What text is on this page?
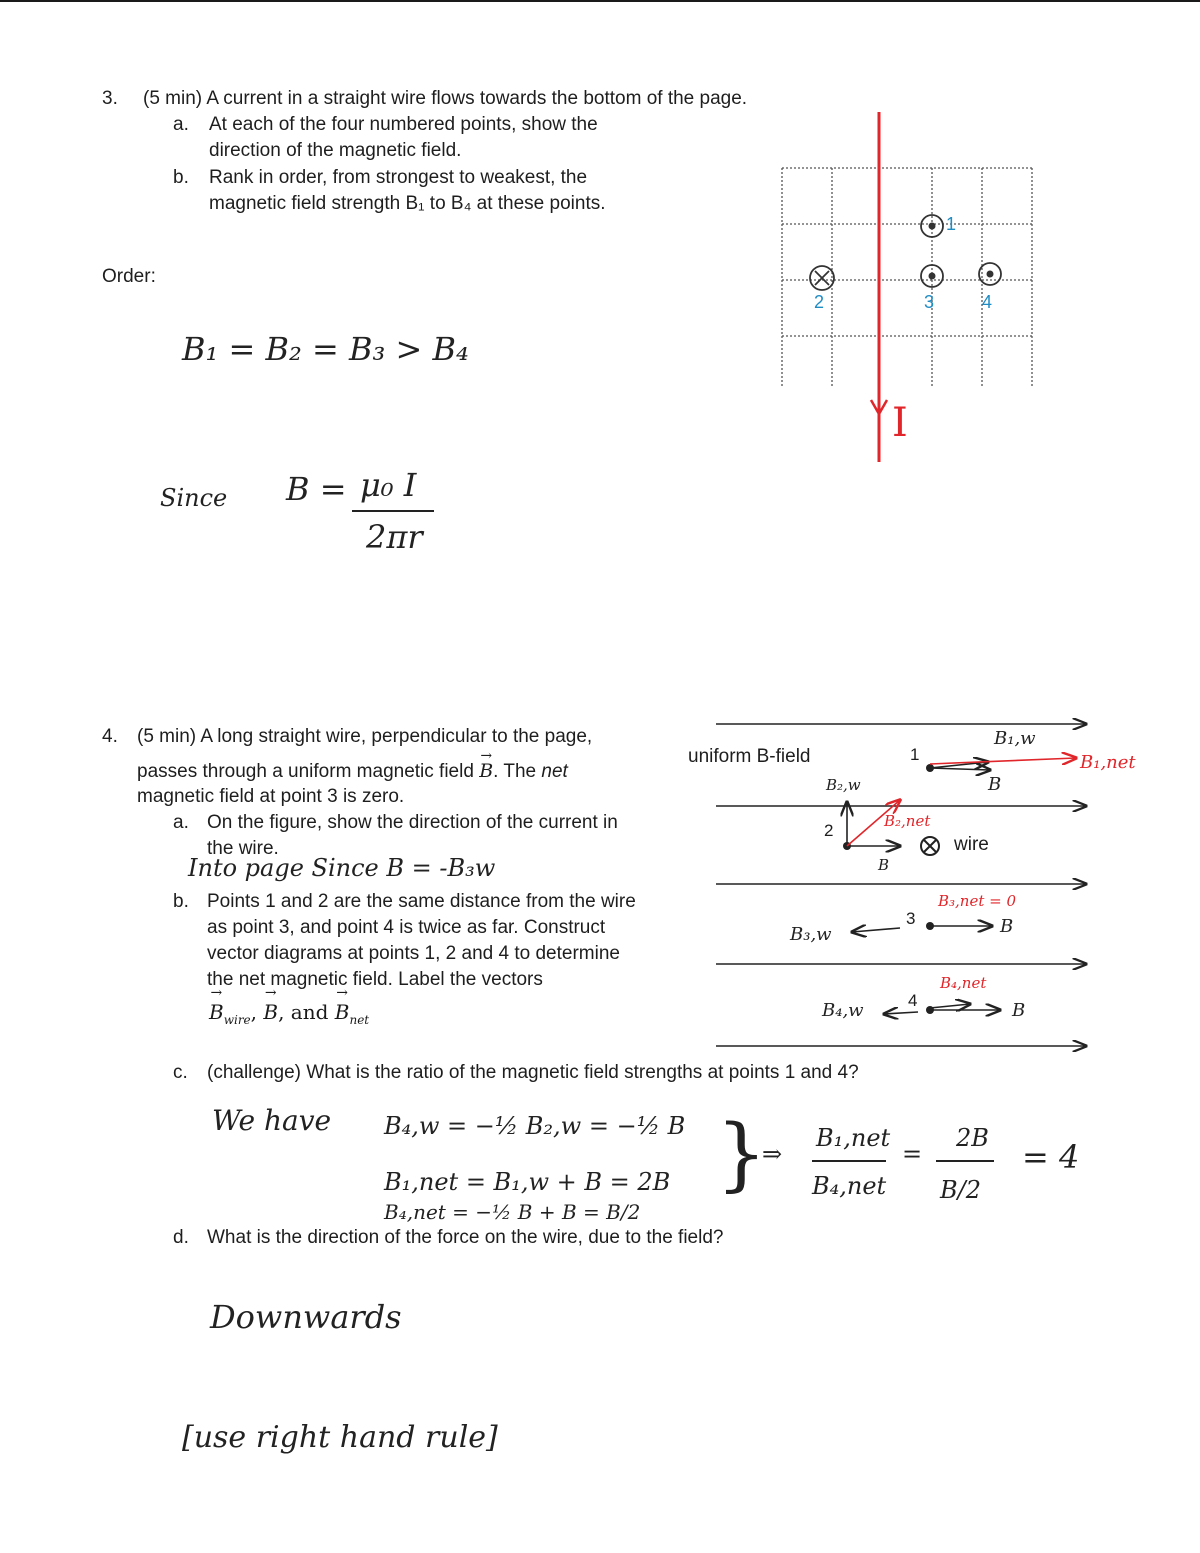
3. (5 min) A current in a straight wire flows towards the bottom of the page.
a. At each of the four numbered points, show the
direction of the magnetic field.
b. Rank in order, from strongest to weakest, the
magnetic field strength B₁ to B₄ at these points.
Order:
B₁ = B₂ = B₃ > B₄
Since B = μ₀ I
2πr
I
1
2	3	4
4. (5 min) A long straight wire, perpendicular to the page,
passes through a uniform magnetic field → B. The net
magnetic field at point 3 is zero.
a. On the figure, show the direction of the current in
the wire.
Into page Since B = -B₃w
b. Points 1 and 2 are the same distance from the wire
as point 3, and point 4 is twice as far. Construct
vector diagrams at points 1, 2 and 4 to determine
the net magnetic field. Label the vectors
→ $B_{wire}$, → B, and → $B_{net}$
uniform B-field	1
2
3
4
wire
B₁,w
B₁,net
B
B₂,w
B₂,net
B
B₃,w
B₃,net = 0
B
B₄,w
B₄,net
B
c. (challenge) What is the ratio of the magnetic field strengths at points 1 and 4?
We have B₄,w = −½ B₂,w = −½ B
B₁,net = B₁,w + B = 2B
B₄,net = −½ B + B = B/2
}
⇒
B₁,net
B₄,net
=
2B
B/2
= 4
d. What is the direction of the force on the wire, due to the field?
Downwards
[use right hand rule]
